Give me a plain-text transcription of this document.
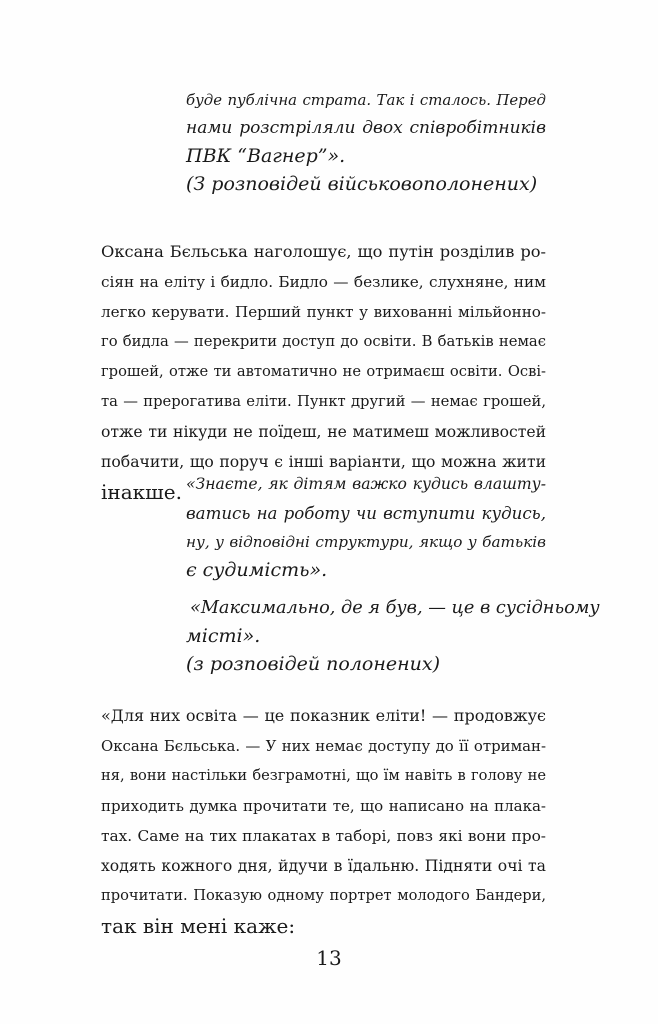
буде публічна страта. Так і сталось. Перед
нами розстріляли двох співробітників
ПВК “Вагнер”».
(З розповідей військовополонених)
Оксана Бєльська наголошує, що путін розділив ро-
сіян на еліту і бидло. Бидло — безлике, слухняне, ним
легко керувати. Перший пункт у вихованні мільйонно-
го бидла — перекрити доступ до освіти. В батьків немає
грошей, отже ти автоматично не отримаєш освіти. Осві-
та — прерогатива еліти. Пункт другий — немає грошей,
отже ти нікуди не поїдеш, не матимеш можливостей
побачити, що поруч є інші варіанти, що можна жити
інакше. «Знаєте, як дітям важко кудись влашту-
ватись на роботу чи вступити кудись,
ну, у відповідні структури, якщо у батьків
є судимість».
«Максимально, де я був, — це в сусідньому
місті».
(з розповідей полонених)
«Для них освіта — це показник еліти! — продовжує
Оксана Бєльська. — У них немає доступу до її отриман-
ня, вони настільки безграмотні, що їм навіть в голову не
приходить думка прочитати те, що написано на плака-
тах. Саме на тих плакатах в таборі, повз які вони про-
ходять кожного дня, йдучи в їдальню. Підняти очі та
прочитати. Показую одному портрет молодого Бандери,
так він мені каже:
13
